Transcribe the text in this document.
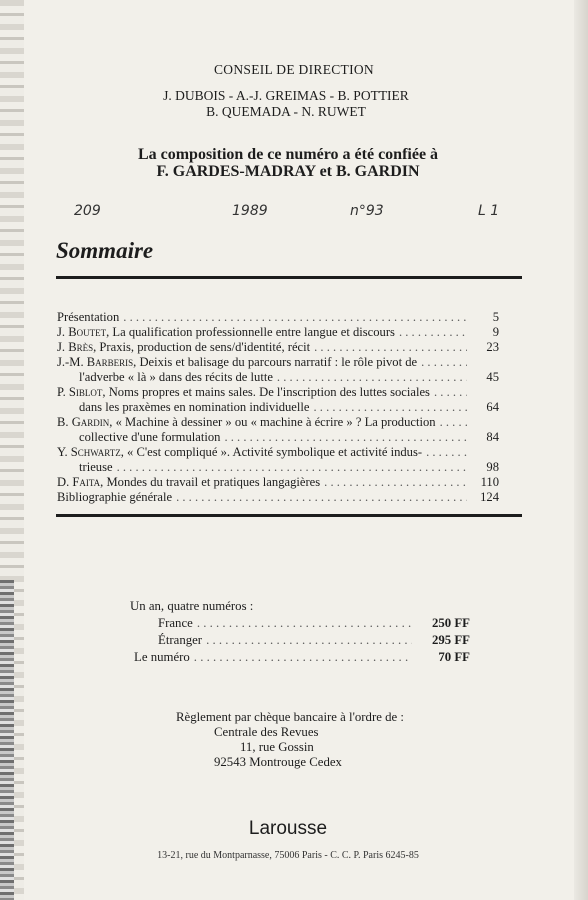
CONSEIL DE DIRECTION
J. DUBOIS - A.-J. GREIMAS - B. POTTIER
B. QUEMADA - N. RUWET
La composition de ce numéro a été confiée à
F. GARDES-MADRAY et B. GARDIN
209	1989	n°93	L 1
Sommaire
Présentation . . .	5
J. Boutet, La qualification professionnelle entre langue et discours . . .	9
J. Brès, Praxis, production de sens/d'identité, récit . . .	23
J.-M. Barberis, Deixis et balisage du parcours narratif : le rôle pivot de
. . .
l'adverbe « là » dans des récits de lutte . . .	45
P. Siblot, Noms propres et mains sales. De l'inscription des luttes sociales
. . .
dans les praxèmes en nomination individuelle . . .	64
B. Gardin, « Machine à dessiner » ou « machine à écrire » ? La production
. . .
collective d'une formulation . . .	84
Y. Schwartz, « C'est compliqué ». Activité symbolique et activité indus-
. . .
trieuse . . .	98
D. Faita, Mondes du travail et pratiques langagières . . .	110
Bibliographie générale . . .	124
Un an, quatre numéros :
France . . .	250 FF
Étranger . . .	295 FF
Le numéro . . .	70 FF
Règlement par chèque bancaire à l'ordre de :
Centrale des Revues
11, rue Gossin
92543 Montrouge Cedex
Larousse
13-21, rue du Montparnasse, 75006 Paris - C. C. P. Paris 6245-85
